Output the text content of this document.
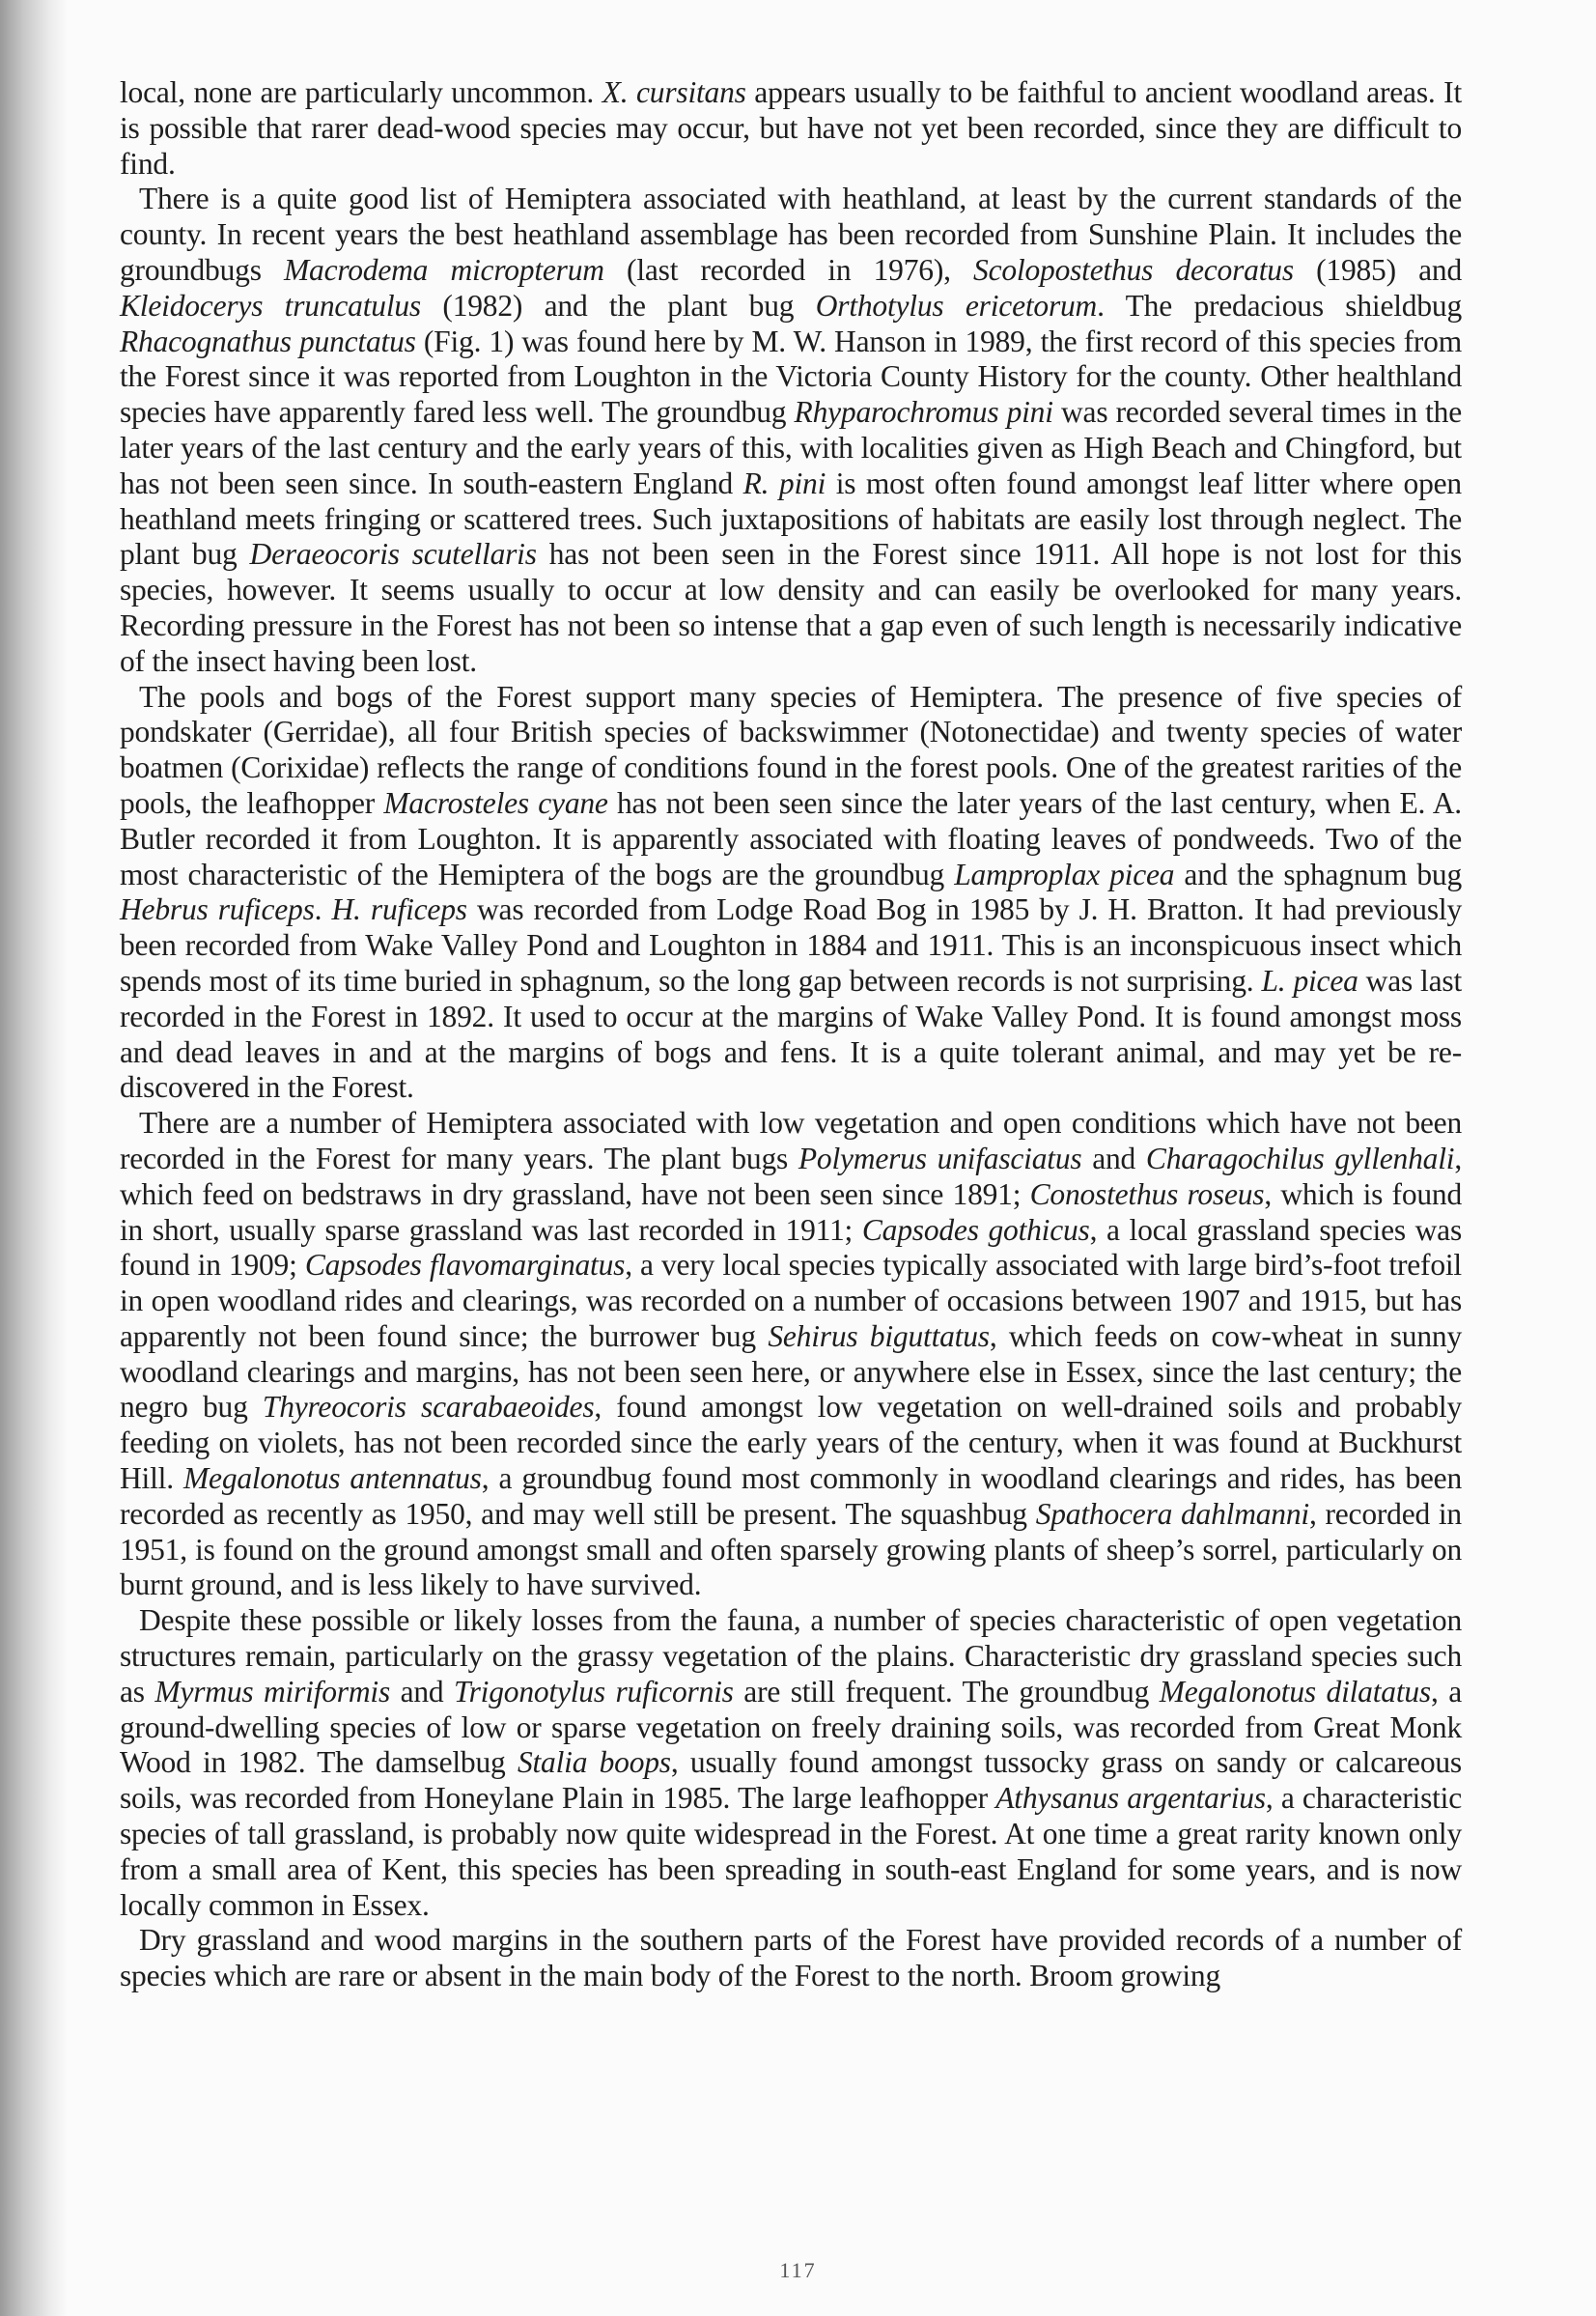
local, none are particularly uncommon. X. cursitans appears usually to be faithful to ancient woodland areas. It is possible that rarer dead-wood species may occur, but have not yet been recorded, since they are difficult to find.

There is a quite good list of Hemiptera associated with heathland, at least by the current standards of the county. In recent years the best heathland assemblage has been recorded from Sunshine Plain. It includes the groundbugs Macrodema micropterum (last recorded in 1976), Scolopostethus decoratus (1985) and Kleidocerys truncatulus (1982) and the plant bug Orthotylus ericetorum. The predacious shieldbug Rhacognathus punctatus (Fig. 1) was found here by M. W. Hanson in 1989, the first record of this species from the Forest since it was reported from Loughton in the Victoria County History for the county. Other healthland species have apparently fared less well. The groundbug Rhyparochromus pini was recorded several times in the later years of the last century and the early years of this, with localities given as High Beach and Chingford, but has not been seen since. In south-eastern England R. pini is most often found amongst leaf litter where open heathland meets fringing or scattered trees. Such juxtapositions of habitats are easily lost through neglect. The plant bug Deraeocoris scutellaris has not been seen in the Forest since 1911. All hope is not lost for this species, however. It seems usually to occur at low density and can easily be overlooked for many years. Recording pressure in the Forest has not been so intense that a gap even of such length is necessarily indicative of the insect having been lost.

The pools and bogs of the Forest support many species of Hemiptera. The presence of five species of pondskater (Gerridae), all four British species of backswimmer (Notonectidae) and twenty species of water boatmen (Corixidae) reflects the range of conditions found in the forest pools. One of the greatest rarities of the pools, the leafhopper Macrosteles cyane has not been seen since the later years of the last century, when E. A. Butler recorded it from Loughton. It is apparently associated with floating leaves of pondweeds. Two of the most characteristic of the Hemiptera of the bogs are the groundbug Lamproplax picea and the sphagnum bug Hebrus ruficeps. H. ruficeps was recorded from Lodge Road Bog in 1985 by J. H. Bratton. It had previously been recorded from Wake Valley Pond and Loughton in 1884 and 1911. This is an inconspicuous insect which spends most of its time buried in sphagnum, so the long gap between records is not surprising. L. picea was last recorded in the Forest in 1892. It used to occur at the margins of Wake Valley Pond. It is found amongst moss and dead leaves in and at the margins of bogs and fens. It is a quite tolerant animal, and may yet be re-discovered in the Forest.

There are a number of Hemiptera associated with low vegetation and open conditions which have not been recorded in the Forest for many years. The plant bugs Polymerus unifasciatus and Charagochilus gyllenhali, which feed on bedstraws in dry grassland, have not been seen since 1891; Conostethus roseus, which is found in short, usually sparse grassland was last recorded in 1911; Capsodes gothicus, a local grassland species was found in 1909; Capsodes flavomarginatus, a very local species typically associated with large bird’s-foot trefoil in open woodland rides and clearings, was recorded on a number of occasions between 1907 and 1915, but has apparently not been found since; the burrower bug Sehirus biguttatus, which feeds on cow-wheat in sunny woodland clearings and margins, has not been seen here, or anywhere else in Essex, since the last century; the negro bug Thyreocoris scarabaeoides, found amongst low vegetation on well-drained soils and probably feeding on violets, has not been recorded since the early years of the century, when it was found at Buckhurst Hill. Megalonotus antennatus, a groundbug found most commonly in woodland clearings and rides, has been recorded as recently as 1950, and may well still be present. The squashbug Spathocera dahlmanni, recorded in 1951, is found on the ground amongst small and often sparsely growing plants of sheep’s sorrel, particularly on burnt ground, and is less likely to have survived.

Despite these possible or likely losses from the fauna, a number of species characteristic of open vegetation structures remain, particularly on the grassy vegetation of the plains. Characteristic dry grassland species such as Myrmus miriformis and Trigonotylus ruficornis are still frequent. The groundbug Megalonotus dilatatus, a ground-dwelling species of low or sparse vegetation on freely draining soils, was recorded from Great Monk Wood in 1982. The damselbug Stalia boops, usually found amongst tussocky grass on sandy or calcareous soils, was recorded from Honeylane Plain in 1985. The large leafhopper Athysanus argentarius, a characteristic species of tall grassland, is probably now quite widespread in the Forest. At one time a great rarity known only from a small area of Kent, this species has been spreading in south-east England for some years, and is now locally common in Essex.

Dry grassland and wood margins in the southern parts of the Forest have provided records of a number of species which are rare or absent in the main body of the Forest to the north. Broom growing

117
